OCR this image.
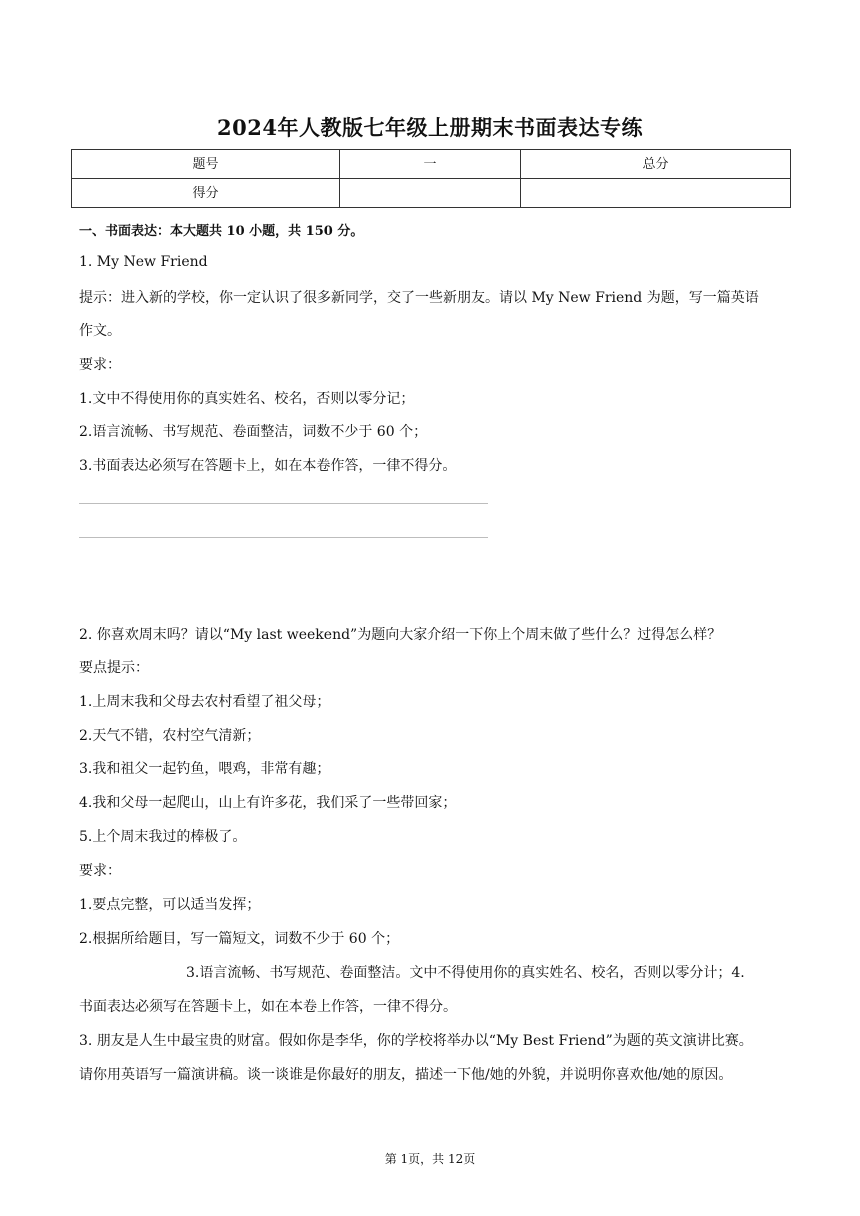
2024年人教版七年级上册期末书面表达专练
题号	一	总分
得分		
一、书面表达：本大题共 10 小题，共 150 分。
1. My New Friend
提示：进入新的学校，你一定认识了很多新同学，交了一些新朋友。请以 My New Friend 为题，写一篇英语
作文。
要求：
1.文中不得使用你的真实姓名、校名，否则以零分记；
2.语言流畅、书写规范、卷面整洁，词数不少于 60 个；
3.书面表达必须写在答题卡上，如在本卷作答，一律不得分。
2. 你喜欢周末吗？请以“My last weekend”为题向大家介绍一下你上个周末做了些什么？过得怎么样？
要点提示：
1.上周末我和父母去农村看望了祖父母；
2.天气不错，农村空气清新；
3.我和祖父一起钓鱼，喂鸡，非常有趣；
4.我和父母一起爬山，山上有许多花，我们采了一些带回家；
5.上个周末我过的棒极了。
要求：
1.要点完整，可以适当发挥；
2.根据所给题目，写一篇短文，词数不少于 60 个；
3.语言流畅、书写规范、卷面整洁。文中不得使用你的真实姓名、校名，否则以零分计；4.
书面表达必须写在答题卡上，如在本卷上作答，一律不得分。
3. 朋友是人生中最宝贵的财富。假如你是李华，你的学校将举办以“My Best Friend”为题的英文演讲比赛。
请你用英语写一篇演讲稿。谈一谈谁是你最好的朋友，描述一下他/她的外貌，并说明你喜欢他/她的原因。
第 1页，共 12页
